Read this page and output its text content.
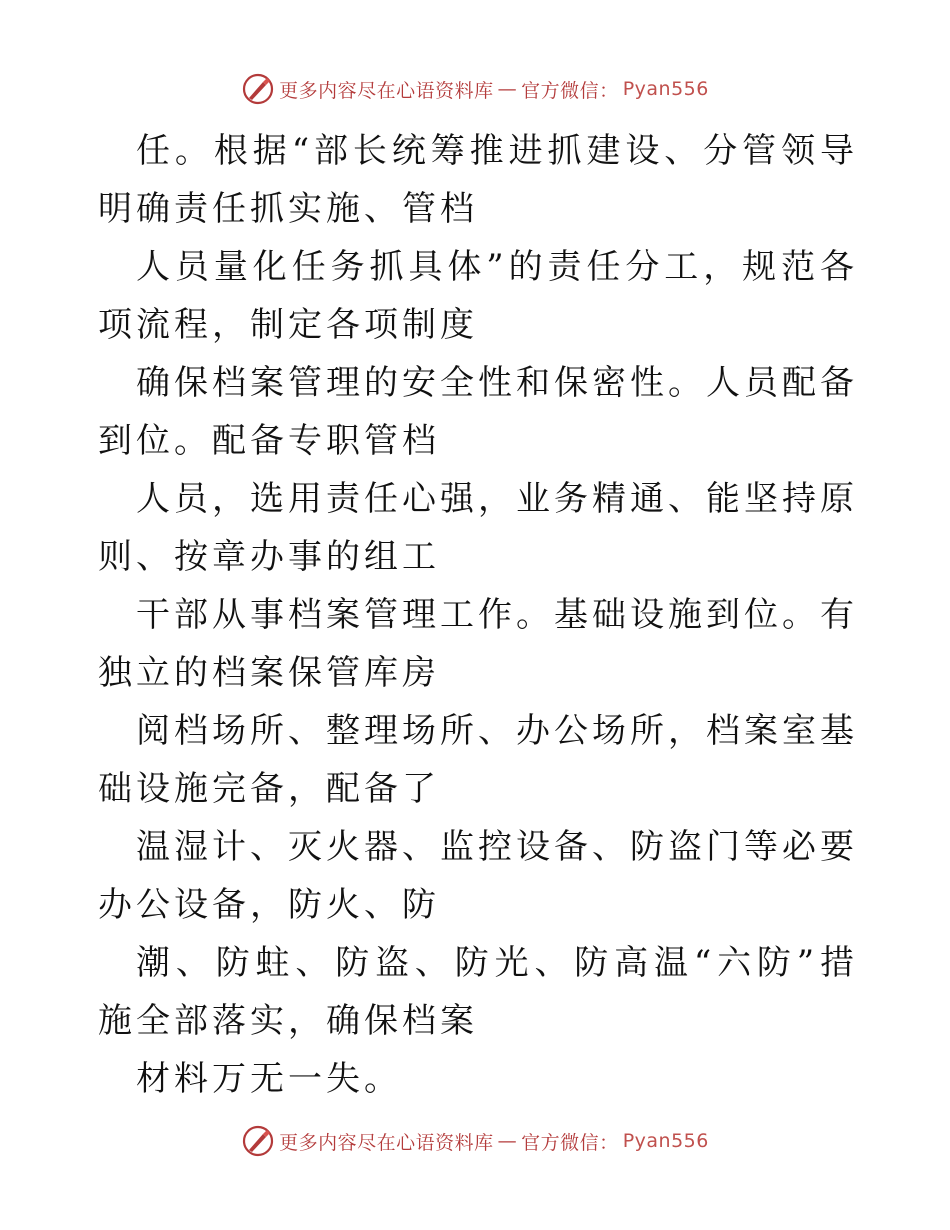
更多内容尽在心语资料库 — 官方微信： Pyan556

任。根据“部长统筹推进抓建设、分管领导明确责任抓实施、管档

人员量化任务抓具体”的责任分工，规范各项流程，制定各项制度

确保档案管理的安全性和保密性。人员配备到位。配备专职管档

人员，选用责任心强，业务精通、能坚持原则、按章办事的组工

干部从事档案管理工作。基础设施到位。有独立的档案保管库房

阅档场所、整理场所、办公场所，档案室基础设施完备，配备了

温湿计、灭火器、监控设备、防盗门等必要办公设备，防火、防

潮、防蛀、防盗、防光、防高温“六防”措施全部落实，确保档案

材料万无一失。

更多内容尽在心语资料库 — 官方微信： Pyan556
